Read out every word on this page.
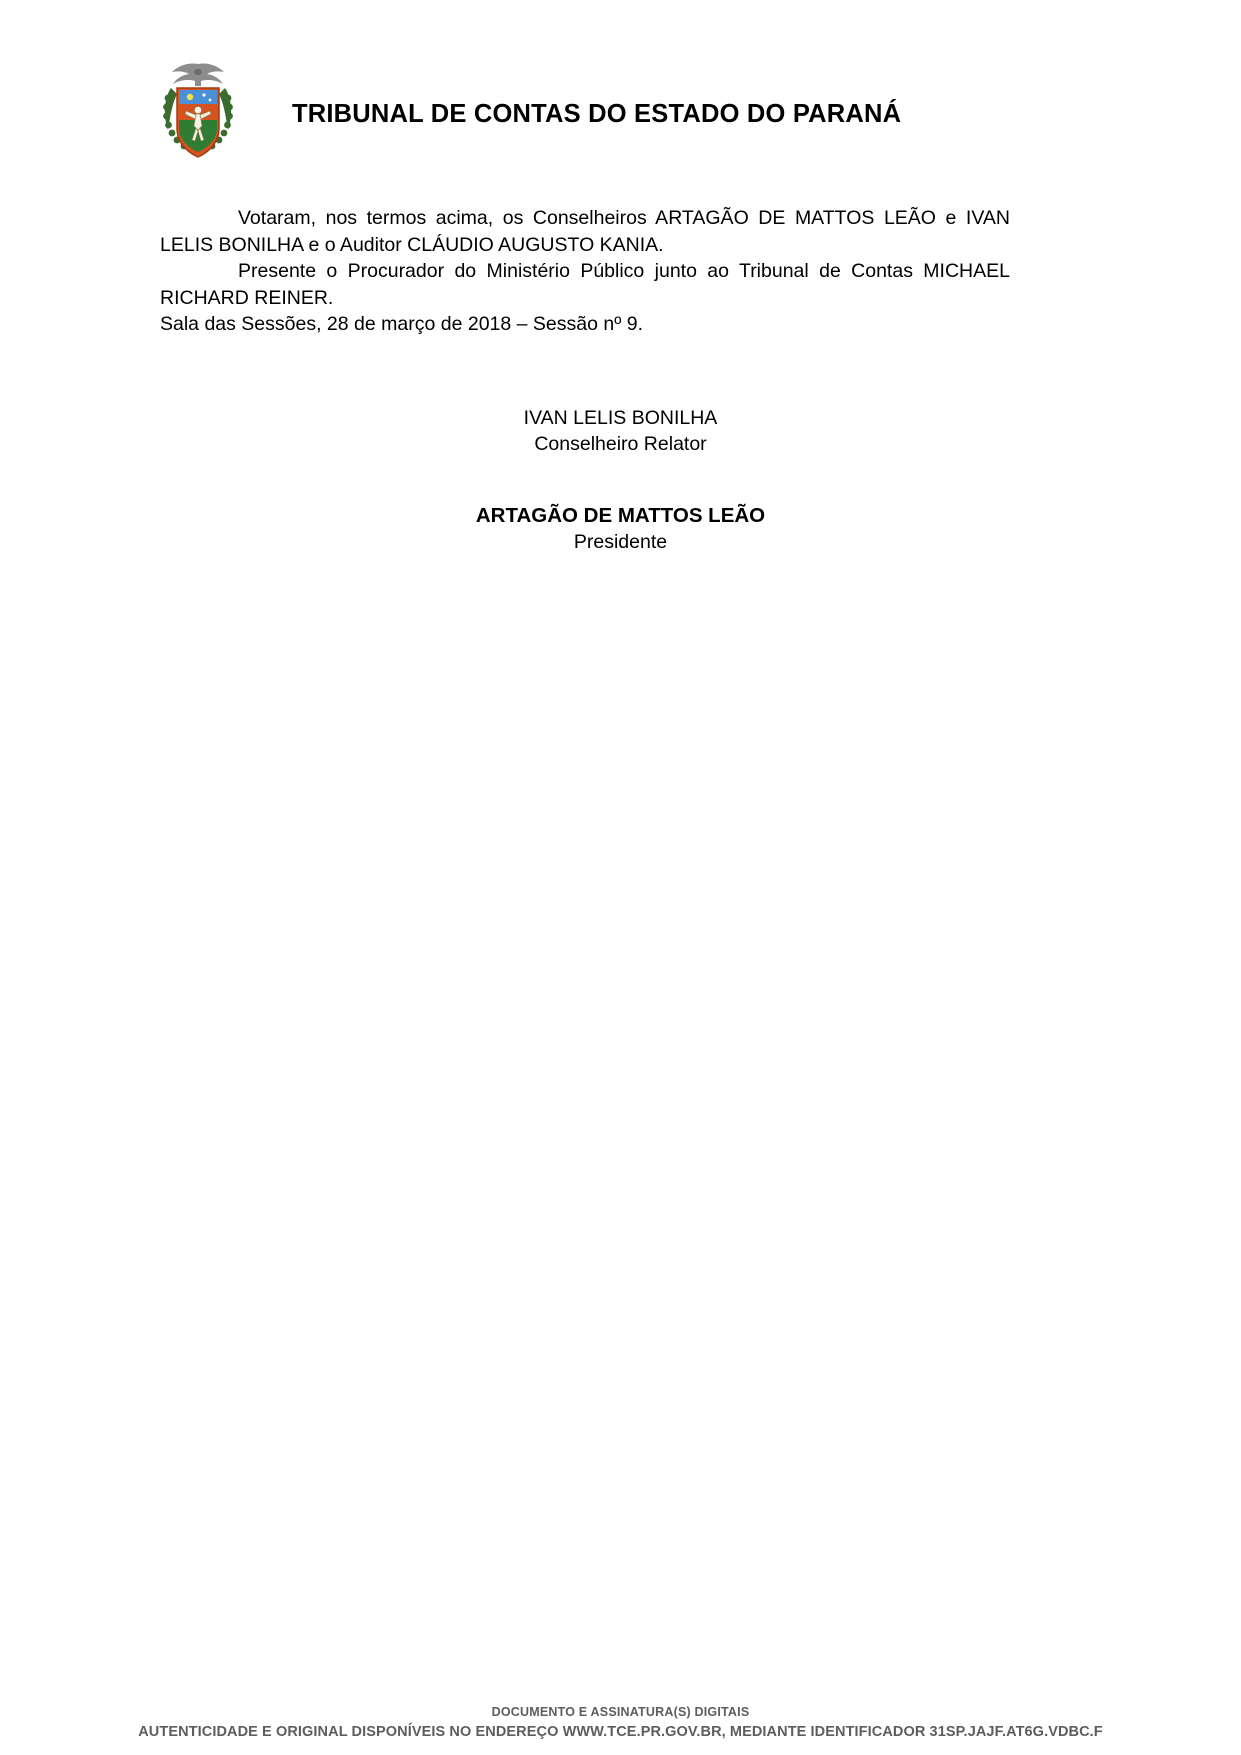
TRIBUNAL DE CONTAS DO ESTADO DO PARANÁ

Votaram, nos termos acima, os Conselheiros ARTAGÃO DE MATTOS LEÃO e IVAN LELIS BONILHA e o Auditor CLÁUDIO AUGUSTO KANIA.

Presente o Procurador do Ministério Público junto ao Tribunal de Contas MICHAEL RICHARD REINER.

Sala das Sessões, 28 de março de 2018 – Sessão nº 9.

IVAN LELIS BONILHA
Conselheiro Relator
ARTAGÃO DE MATTOS LEÃO
Presidente
DOCUMENTO E ASSINATURA(S) DIGITAIS
AUTENTICIDADE E ORIGINAL DISPONÍVEIS NO ENDEREÇO WWW.TCE.PR.GOV.BR, MEDIANTE IDENTIFICADOR 31SP.JAJF.AT6G.VDBC.F
